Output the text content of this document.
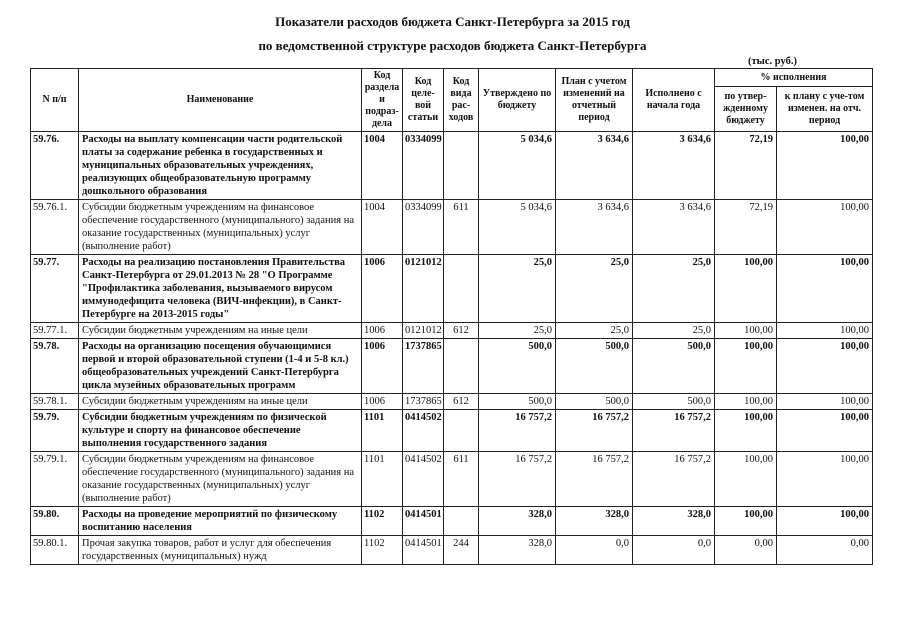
Показатели расходов бюджета Санкт-Петербурга за 2015 год
по ведомственной структуре расходов бюджета Санкт-Петербурга
(тыс. руб.)
N п/п	Наименование	Код раздела и подраз-дела	Код целе-вой статьи	Код вида рас-ходов	Утверждено по бюджету	План с учетом изменений на отчетный период	Исполнено с начала года	% исполнения	
								по утвер-жденному бюджету	к плану с уче-том изменен. на отч. период
59.76.	Расходы на выплату компенсации части родительской платы за содержание ребенка в государственных и муниципальных образовательных учреждениях, реализующих общеобразовательную программу дошкольного образования	1004	0334099		5 034,6	3 634,6	3 634,6	72,19	100,00
59.76.1.	Субсидии бюджетным учреждениям на финансовое обеспечение государственного (муниципального) задания на оказание государственных (муниципальных) услуг (выполнение работ)	1004	0334099	611	5 034,6	3 634,6	3 634,6	72,19	100,00
59.77.	Расходы на реализацию постановления Правительства Санкт-Петербурга от 29.01.2013 № 28 "О Программе "Профилактика заболевания, вызываемого вирусом иммунодефицита человека (ВИЧ-инфекции), в Санкт-Петербурге на 2013-2015 годы"	1006	0121012		25,0	25,0	25,0	100,00	100,00
59.77.1.	Субсидии бюджетным учреждениям на иные цели	1006	0121012	612	25,0	25,0	25,0	100,00	100,00
59.78.	Расходы на организацию посещения обучающимися первой и второй образовательной ступени (1-4 и 5-8 кл.) общеобразовательных учреждений Санкт-Петербурга цикла музейных образовательных программ	1006	1737865		500,0	500,0	500,0	100,00	100,00
59.78.1.	Субсидии бюджетным учреждениям на иные цели	1006	1737865	612	500,0	500,0	500,0	100,00	100,00
59.79.	Субсидии бюджетным учреждениям по физической культуре и спорту на финансовое обеспечение выполнения государственного задания	1101	0414502		16 757,2	16 757,2	16 757,2	100,00	100,00
59.79.1.	Субсидии бюджетным учреждениям на финансовое обеспечение государственного (муниципального) задания на оказание государственных (муниципальных) услуг (выполнение работ)	1101	0414502	611	16 757,2	16 757,2	16 757,2	100,00	100,00
59.80.	Расходы на проведение мероприятий по физическому воспитанию населения	1102	0414501		328,0	328,0	328,0	100,00	100,00
59.80.1.	Прочая закупка товаров, работ и услуг для обеспечения государственных (муниципальных) нужд	1102	0414501	244	328,0	0,0	0,0	0,00	0,00
